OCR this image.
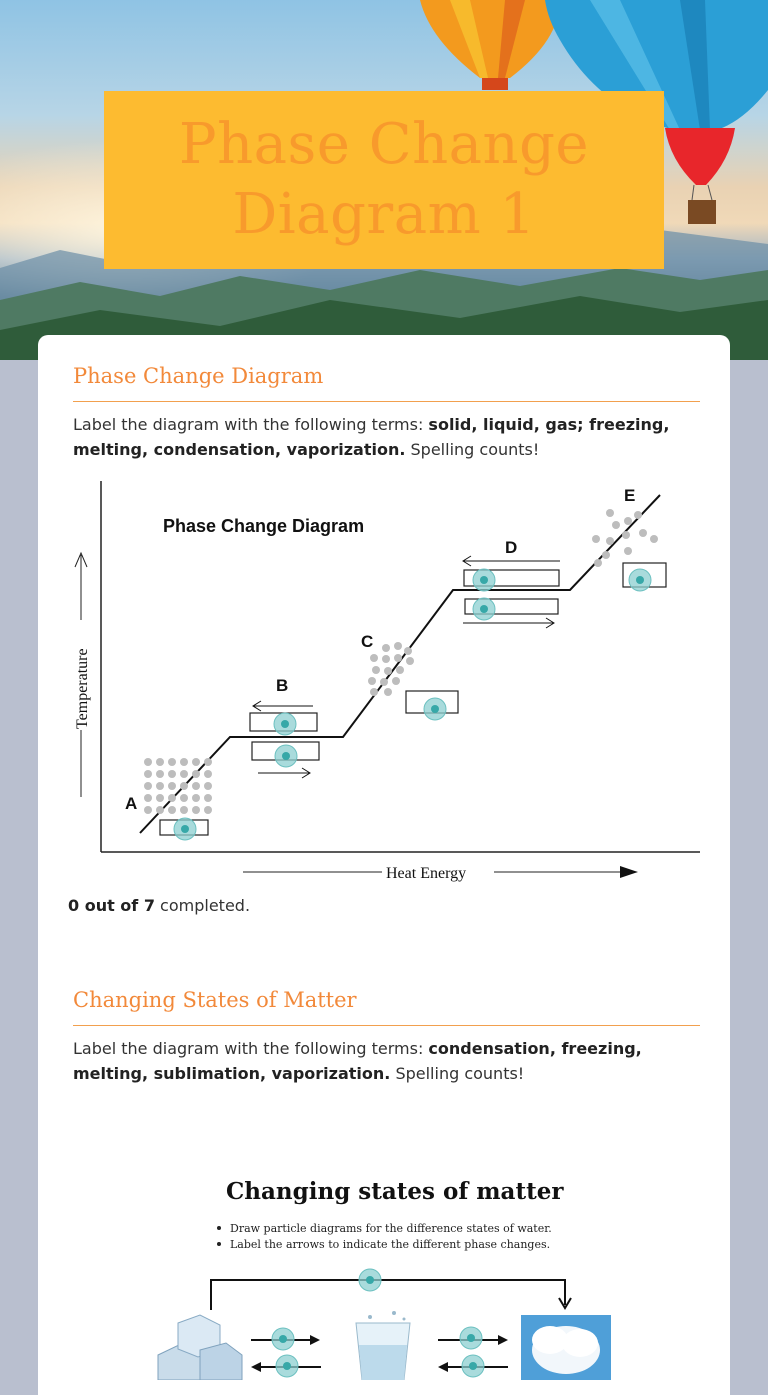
Phase Change
Diagram 1
Phase Change Diagram
Label the diagram with the following terms: solid, liquid, gas; freezing, melting, condensation, vaporization. Spelling counts!
Temperature
Heat Energy
Phase Change Diagram
A
B
C
D
E
0 out of 7 completed.
Changing States of Matter
Label the diagram with the following terms: condensation, freezing, melting, sublimation, vaporization. Spelling counts!
Changing states of matter
Draw particle diagrams for the difference states of water.
Label the arrows to indicate the different phase changes.
